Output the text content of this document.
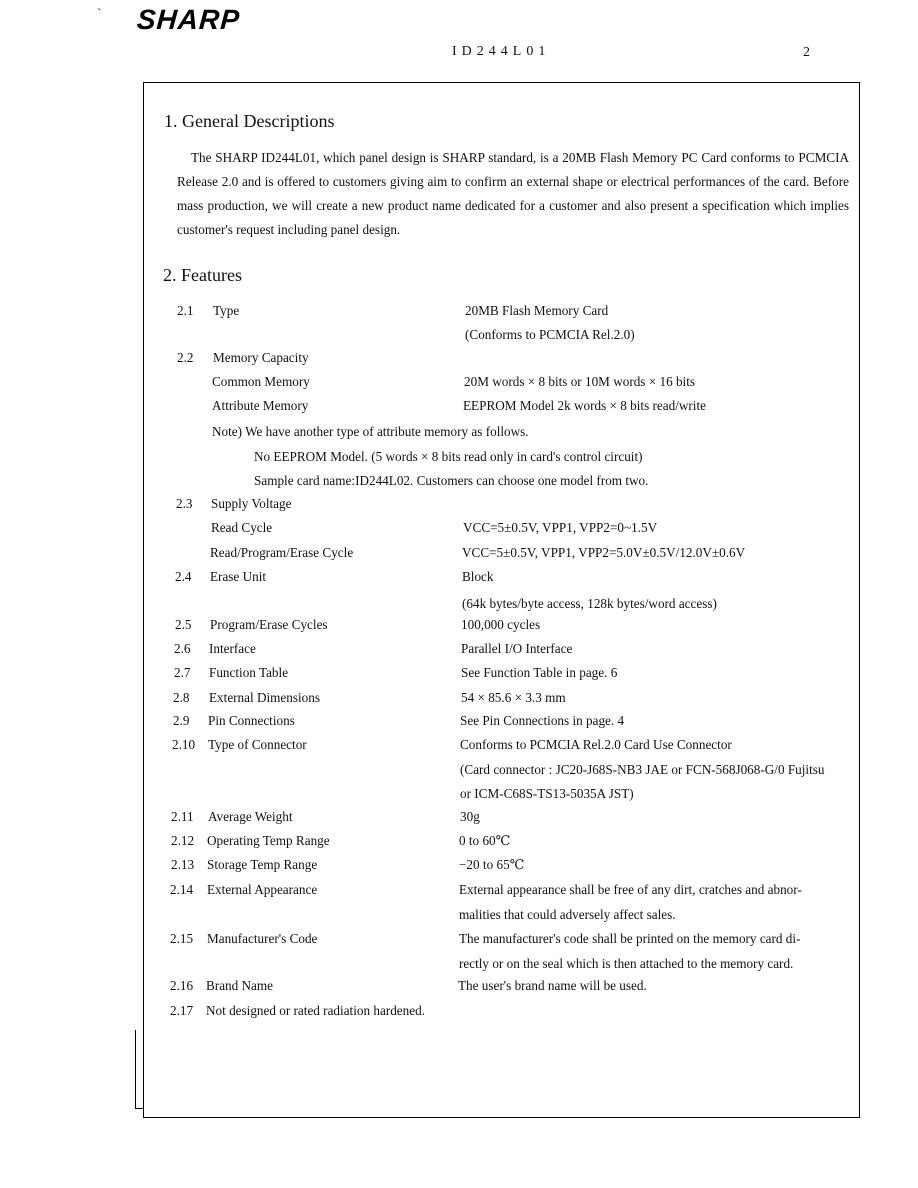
` SHARP
ID244L01	2
1. General Descriptions
The SHARP ID244L01, which panel design is SHARP standard, is a 20MB Flash Memory PC Card conforms to PCMCIA Release 2.0 and is offered to customers giving aim to confirm an external shape or electrical performances of the card. Before mass production, we will create a new product name dedicated for a customer and also present a specification which implies customer's request including panel design.
2. Features
2.1 Type	20MB Flash Memory Card
(Conforms to PCMCIA Rel.2.0)
2.2 Memory Capacity
Common Memory	20M words × 8 bits or 10M words × 16 bits
Attribute Memory	EEPROM Model 2k words × 8 bits read/write
Note) We have another type of attribute memory as follows.
No EEPROM Model. (5 words × 8 bits read only in card's control circuit)
Sample card name:ID244L02. Customers can choose one model from two.
2.3 Supply Voltage
Read Cycle	VCC=5±0.5V, VPP1, VPP2=0~1.5V
Read/Program/Erase Cycle	VCC=5±0.5V, VPP1, VPP2=5.0V±0.5V/12.0V±0.6V
2.4 Erase Unit	Block
(64k bytes/byte access, 128k bytes/word access)
2.5 Program/Erase Cycles	100,000 cycles
2.6 Interface	Parallel I/O Interface
2.7 Function Table	See Function Table in page. 6
2.8 External Dimensions	54 × 85.6 × 3.3 mm
2.9 Pin Connections	See Pin Connections in page. 4
2.10 Type of Connector	Conforms to PCMCIA Rel.2.0 Card Use Connector
(Card connector : JC20-J68S-NB3 JAE or FCN-568J068-G/0 Fujitsu
or ICM-C68S-TS13-5035A JST)
2.11 Average Weight	30g
2.12 Operating Temp Range	0 to 60℃
2.13 Storage Temp Range	−20 to 65℃
2.14 External Appearance	External appearance shall be free of any dirt, cratches and abnor-
malities that could adversely affect sales.
2.15 Manufacturer's Code	The manufacturer's code shall be printed on the memory card di-
rectly or on the seal which is then attached to the memory card.
2.16 Brand Name	The user's brand name will be used.
2.17 Not designed or rated radiation hardened.
